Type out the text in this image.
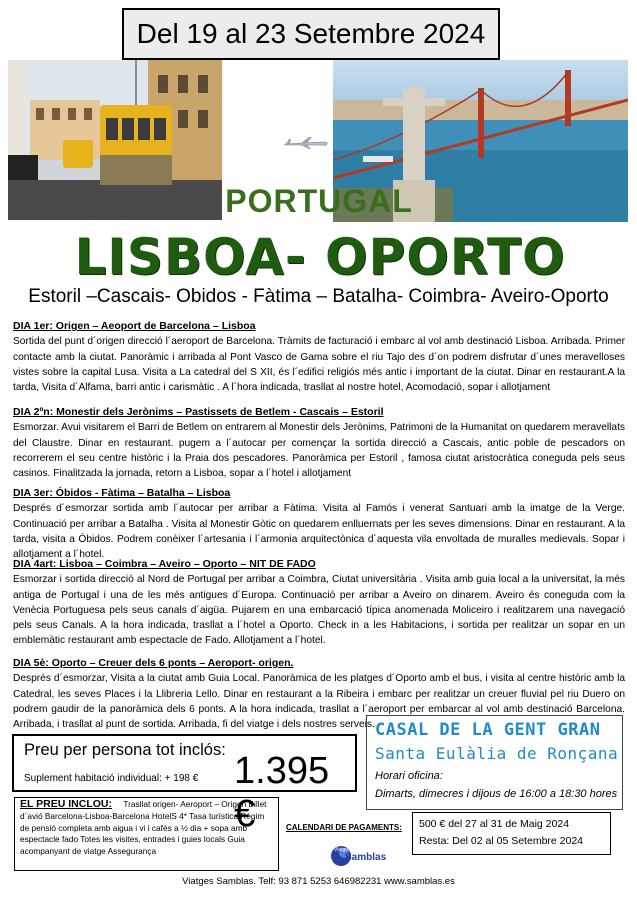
Del 19 al 23 Setembre 2024
PORTUGAL
LISBOA- OPORTO
Estoril –Cascais- Obidos - Fàtima – Batalha- Coimbra- Aveiro-Oporto
DIA 1er: Origen – Aeoport de Barcelona – Lisboa
Sortida del punt d´origen direcció l´aeroport de Barcelona. Tràmits de facturació i embarc al vol amb destinació Lisboa. Arribada. Primer contacte amb la ciutat. Panoràmic i arribada al Pont Vasco de Gama sobre el riu Tajo des d´on podrem disfrutar d´unes meravelloses vistes sobre la capital Lusa. Visita a La catedral del S XII, és l´edifici religiós més antic i important de la ciutat. Dinar en restaurant.A la tarda, Visita d´Alfama, barri antic i carismàtic . A l´hora indicada, trasllat al nostre hotel, Acomodació, sopar i allotjament
DIA 2ºn: Monestir dels Jerònims – Pastissets de Betlem - Cascais – Estoril
Esmorzar. Avui visitarem el Barri de Betlem on entrarem al Monestir dels Jerònims, Patrimoni de la Humanitat on quedarem meravellats del Claustre. Dinar en restaurant. pugem a l´autocar per començar la sortida direcció a Cascais, antic poble de pescadors on recorrerem el seu centre històric i la Praia dos pescadores. Panoràmica per Estoril , famosa ciutat aristocràtica coneguda pels seus casinos. Finalitzada la jornada, retorn a Lisboa, sopar a l´hotel i allotjament
DIA 3er: Óbidos - Fàtima – Batalha – Lisboa
Després d´esmorzar sortida amb l´autocar per arribar a Fàtima. Visita al Famós i venerat Santuari amb la imatge de la Verge. Continuació per arribar a Batalha . Visita al Monestir Gòtic on quedarem enlluernats per les seves dimensions. Dinar en restaurant. A la tarda, visita a Óbidos. Podrem conèixer l´artesania i l´armonia arquitectònica d´aquesta vila envoltada de muralles medievals. Sopar i allotjament a l´hotel.
DIA 4art: Lisboa – Coimbra – Aveiro – Oporto – NIT DE FADO
Esmorzar i sortida direcció al Nord de Portugal per arribar a Coimbra, Ciutat universitària . Visita amb guia local a la universitat, la més antiga de Portugal i una de les més antigues d´Europa. Continuació per arribar a Aveiro on dinarem. Aveiro és coneguda com la Venècia Portuguesa pels seus canals d´aigüa. Pujarem en una embarcació típica anomenada Moliceiro i realitzarem una navegació pels seus Canals. A la hora indicada, trasllat a l´hotel a Oporto. Check in a les Habitacions, i sortida per realitzar un sopar en un emblemàtic restaurant amb espectacle de Fado. Allotjament a l´hotel.
DIA 5è: Oporto – Creuer dels 6 ponts – Aeroport- origen.
Després d´esmorzar, Visita a la ciutat amb Guia Local. Panoràmica de les platges d´Oporto amb el bus, i visita al centre històric amb la Catedral, les seves Places i la Llibreria Lello. Dinar en restaurant a la Ribeira i embarc per realitzar un creuer fluvial pel riu Duero on podrem gaudir de la panoràmica dels 6 ponts. A la hora indicada, trasllat a l´aeroport per embarcar al vol amb destinació Barcelona. Arribada, i trasllat al punt de sortida. Arribada, fi del viatge i dels nostres serveis.
Preu per persona tot inclós:
Suplement habitació individual: + 198 € 1.395 €
CASAL DE LA GENT GRAN
Santa Eulàlia de Ronçana
Horari oficina:
Dimarts, dimecres i dijous de 16:00 a 18:30 hores
EL PREU INCLOU: Trasllat origen- Aeroport – Origen Billet d´avió Barcelona-Lisboa-Barcelona HotelS 4* Tasa turística Règim de pensió completa amb aigua i vi i cafès a ½ dia + sopa amb espectacle fado Totes les visites, entrades i guies locals Guia acompanyant de viatge Assegurança
CALENDARI DE PAGAMENTS: 500 € del 27 al 31 de Maig 2024
Resta: Del 02 al 05 Setembre 2024
Viatges
Samblas
Viatges Samblas. Telf: 93 871 5253 646982231 www.samblas.es
